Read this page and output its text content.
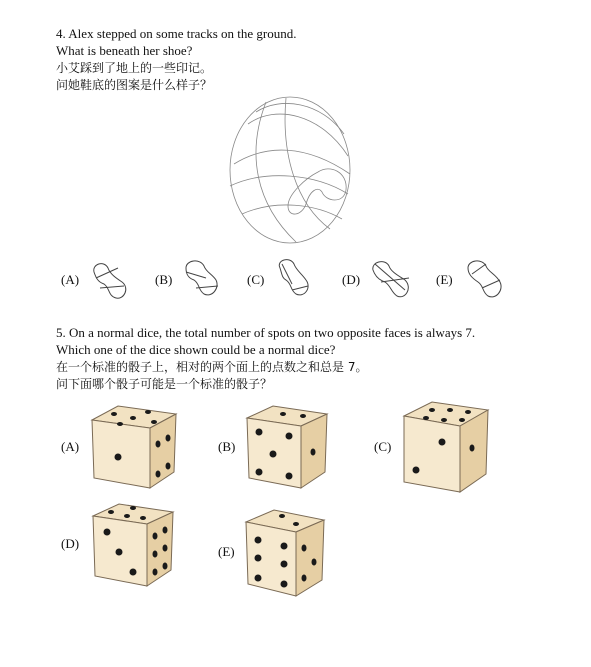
4. Alex stepped on some tracks on the ground.
What is beneath her shoe?
小艾踩到了地上的一些印记。
问她鞋底的图案是什么样子？
(A)	(B)	(C)	(D)	(E)
5. On a normal dice, the total number of spots on two opposite faces is always 7.
Which one of the dice shown could be a normal dice?
在一个标准的骰子上，相对的两个面上的点数之和总是 7。
问下面哪个骰子可能是一个标准的骰子？
(A)	(B)	(C)
(D)
(E)
